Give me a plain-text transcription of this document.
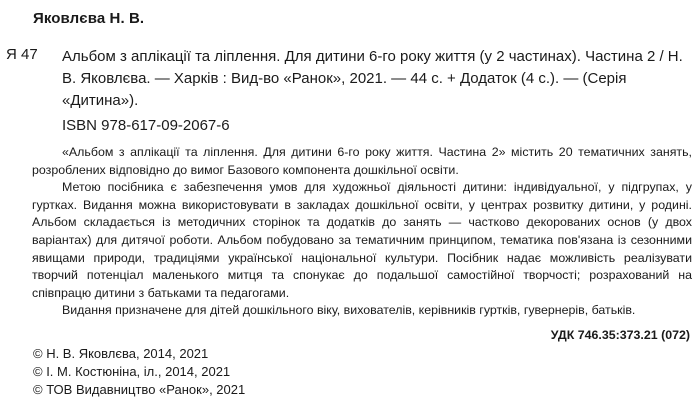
Яковлєва Н. В.
Я 47 Альбом з аплікації та ліплення. Для дитини 6-го року життя (у 2 частинах). Частина 2 / Н. В. Яковлєва. — Харків : Вид-во «Ранок», 2021. — 44 с. + Додаток (4 с.). — (Серія «Дитина»).
ISBN 978-617-09-2067-6

«Альбом з аплікації та ліплення. Для дитини 6-го року життя. Частина 2» містить 20 тематичних занять, розроблених відповідно до вимог Базового компонента дошкільної освіти.

Метою посібника є забезпечення умов для художньої діяльності дитини: індивідуальної, у підгрупах, у гуртках. Видання можна використовувати в закладах дошкільної освіти, у центрах розвитку дитини, у родині. Альбом складається із методичних сторінок та додатків до занять — частково декорованих основ (у двох варіантах) для дитячої роботи. Альбом побудовано за тематичним принципом, тематика пов'язана із сезонними явищами природи, традиціями української національної культури. Посібник надає можливість реалізувати творчий потенціал маленького митця та спонукає до подальшої самостійної творчості; розрахований на співпрацю дитини з батьками та педагогами.

Видання призначене для дітей дошкільного віку, вихователів, керівників гуртків, гувернерів, батьків.

УДК 746.35:373.21 (072)
© Н. В. Яковлєва, 2014, 2021
© І. М. Костюніна, іл., 2014, 2021
© ТОВ Видавництво «Ранок», 2021
